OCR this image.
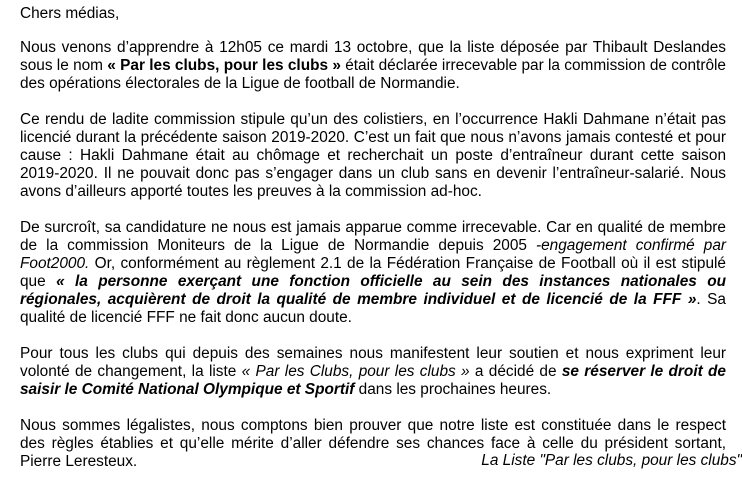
Chers médias,

Nous venons d’apprendre à 12h05 ce mardi 13 octobre, que la liste déposée par Thibault Deslandes sous le nom « Par les clubs, pour les clubs » était déclarée irrecevable par la commission de contrôle des opérations électorales de la Ligue de football de Normandie.

Ce rendu de ladite commission stipule qu’un des colistiers, en l’occurrence Hakli Dahmane n’était pas licencié durant la précédente saison 2019-2020. C’est un fait que nous n’avons jamais contesté et pour cause : Hakli Dahmane était au chômage et recherchait un poste d’entraîneur durant cette saison 2019-2020. Il ne pouvait donc pas s’engager dans un club sans en devenir l’entraîneur-salarié. Nous avons d’ailleurs apporté toutes les preuves à la commission ad-hoc.

De surcroît, sa candidature ne nous est jamais apparue comme irrecevable. Car en qualité de membre de la commission Moniteurs de la Ligue de Normandie depuis 2005 -engagement confirmé par Foot2000. Or, conformément au règlement 2.1 de la Fédération Française de Football où il est stipulé que « la personne exerçant une fonction officielle au sein des instances nationales ou régionales, acquièrent de droit la qualité de membre individuel et de licencié de la FFF ». Sa qualité de licencié FFF ne fait donc aucun doute.

Pour tous les clubs qui depuis des semaines nous manifestent leur soutien et nous expriment leur volonté de changement, la liste « Par les Clubs, pour les clubs » a décidé de se réserver le droit de saisir le Comité National Olympique et Sportif dans les prochaines heures.

Nous sommes légalistes, nous comptons bien prouver que notre liste est constituée dans le respect des règles établies et qu’elle mérite d’aller défendre ses chances face à celle du président sortant, Pierre Leresteux.	La Liste "Par les clubs, pour les clubs"
